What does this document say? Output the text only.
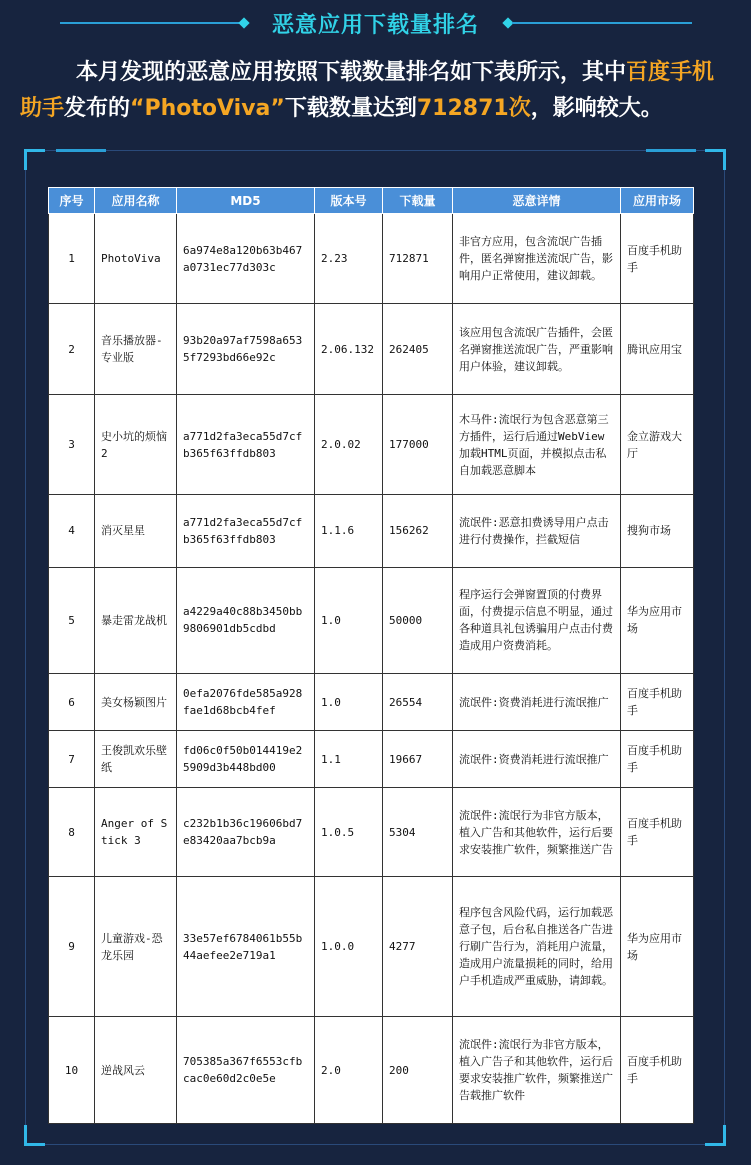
恶意应用下载量排名
本月发现的恶意应用按照下载数量排名如下表所示，其中百度手机助手发布的“PhotoViva”下载数量达到712871次，影响较大。
序号	应用名称	MD5	版本号	下载量	恶意详情	应用市场
1	PhotoViva	6a974e8a120b63b467a0731ec77d303c	2.23	712871	非官方应用，包含流氓广告插件，匿名弹窗推送流氓广告，影响用户正常使用，建议卸载。	百度手机助手
2	音乐播放器-专业版	93b20a97af7598a6535f7293bd66e92c	2.06.132	262405	该应用包含流氓广告插件，会匿名弹窗推送流氓广告，严重影响用户体验，建议卸载。	腾讯应用宝
3	史小坑的烦恼2	a771d2fa3eca55d7cfb365f63ffdb803	2.0.02	177000	木马件:流氓行为包含恶意第三方插件，运行后通过WebView加载HTML页面，并模拟点击私自加载恶意脚本	金立游戏大厅
4	消灭星星	a771d2fa3eca55d7cfb365f63ffdb803	1.1.6	156262	流氓件:恶意扣费诱导用户点击进行付费操作，拦截短信	搜狗市场
5	暴走雷龙战机	a4229a40c88b3450bb9806901db5cdbd	1.0	50000	程序运行会弹窗置顶的付费界面，付费提示信息不明显，通过各种道具礼包诱骗用户点击付费造成用户资费消耗。	华为应用市场
6	美女杨颖图片	0efa2076fde585a928fae1d68bcb4fef	1.0	26554	流氓件:资费消耗进行流氓推广	百度手机助手
7	王俊凯欢乐壁纸	fd06c0f50b014419e25909d3b448bd00	1.1	19667	流氓件:资费消耗进行流氓推广	百度手机助手
8	Anger of Stick 3	c232b1b36c19606bd7e83420aa7bcb9a	1.0.5	5304	流氓件:流氓行为非官方版本，植入广告和其他软件，运行后要求安装推广软件，频繁推送广告	百度手机助手
9	儿童游戏-恐龙乐园	33e57ef6784061b55b44aefee2e719a1	1.0.0	4277	程序包含风险代码，运行加载恶意子包，后台私自推送各广告进行刷广告行为，消耗用户流量，造成用户流量损耗的同时，给用户手机造成严重威胁，请卸载。	华为应用市场
10	逆战风云	705385a367f6553cfbcac0e60d2c0e5e	2.0	200	流氓件:流氓行为非官方版本，植入广告子和其他软件，运行后要求安装推广软件，频繁推送广告载推广软件	百度手机助手
